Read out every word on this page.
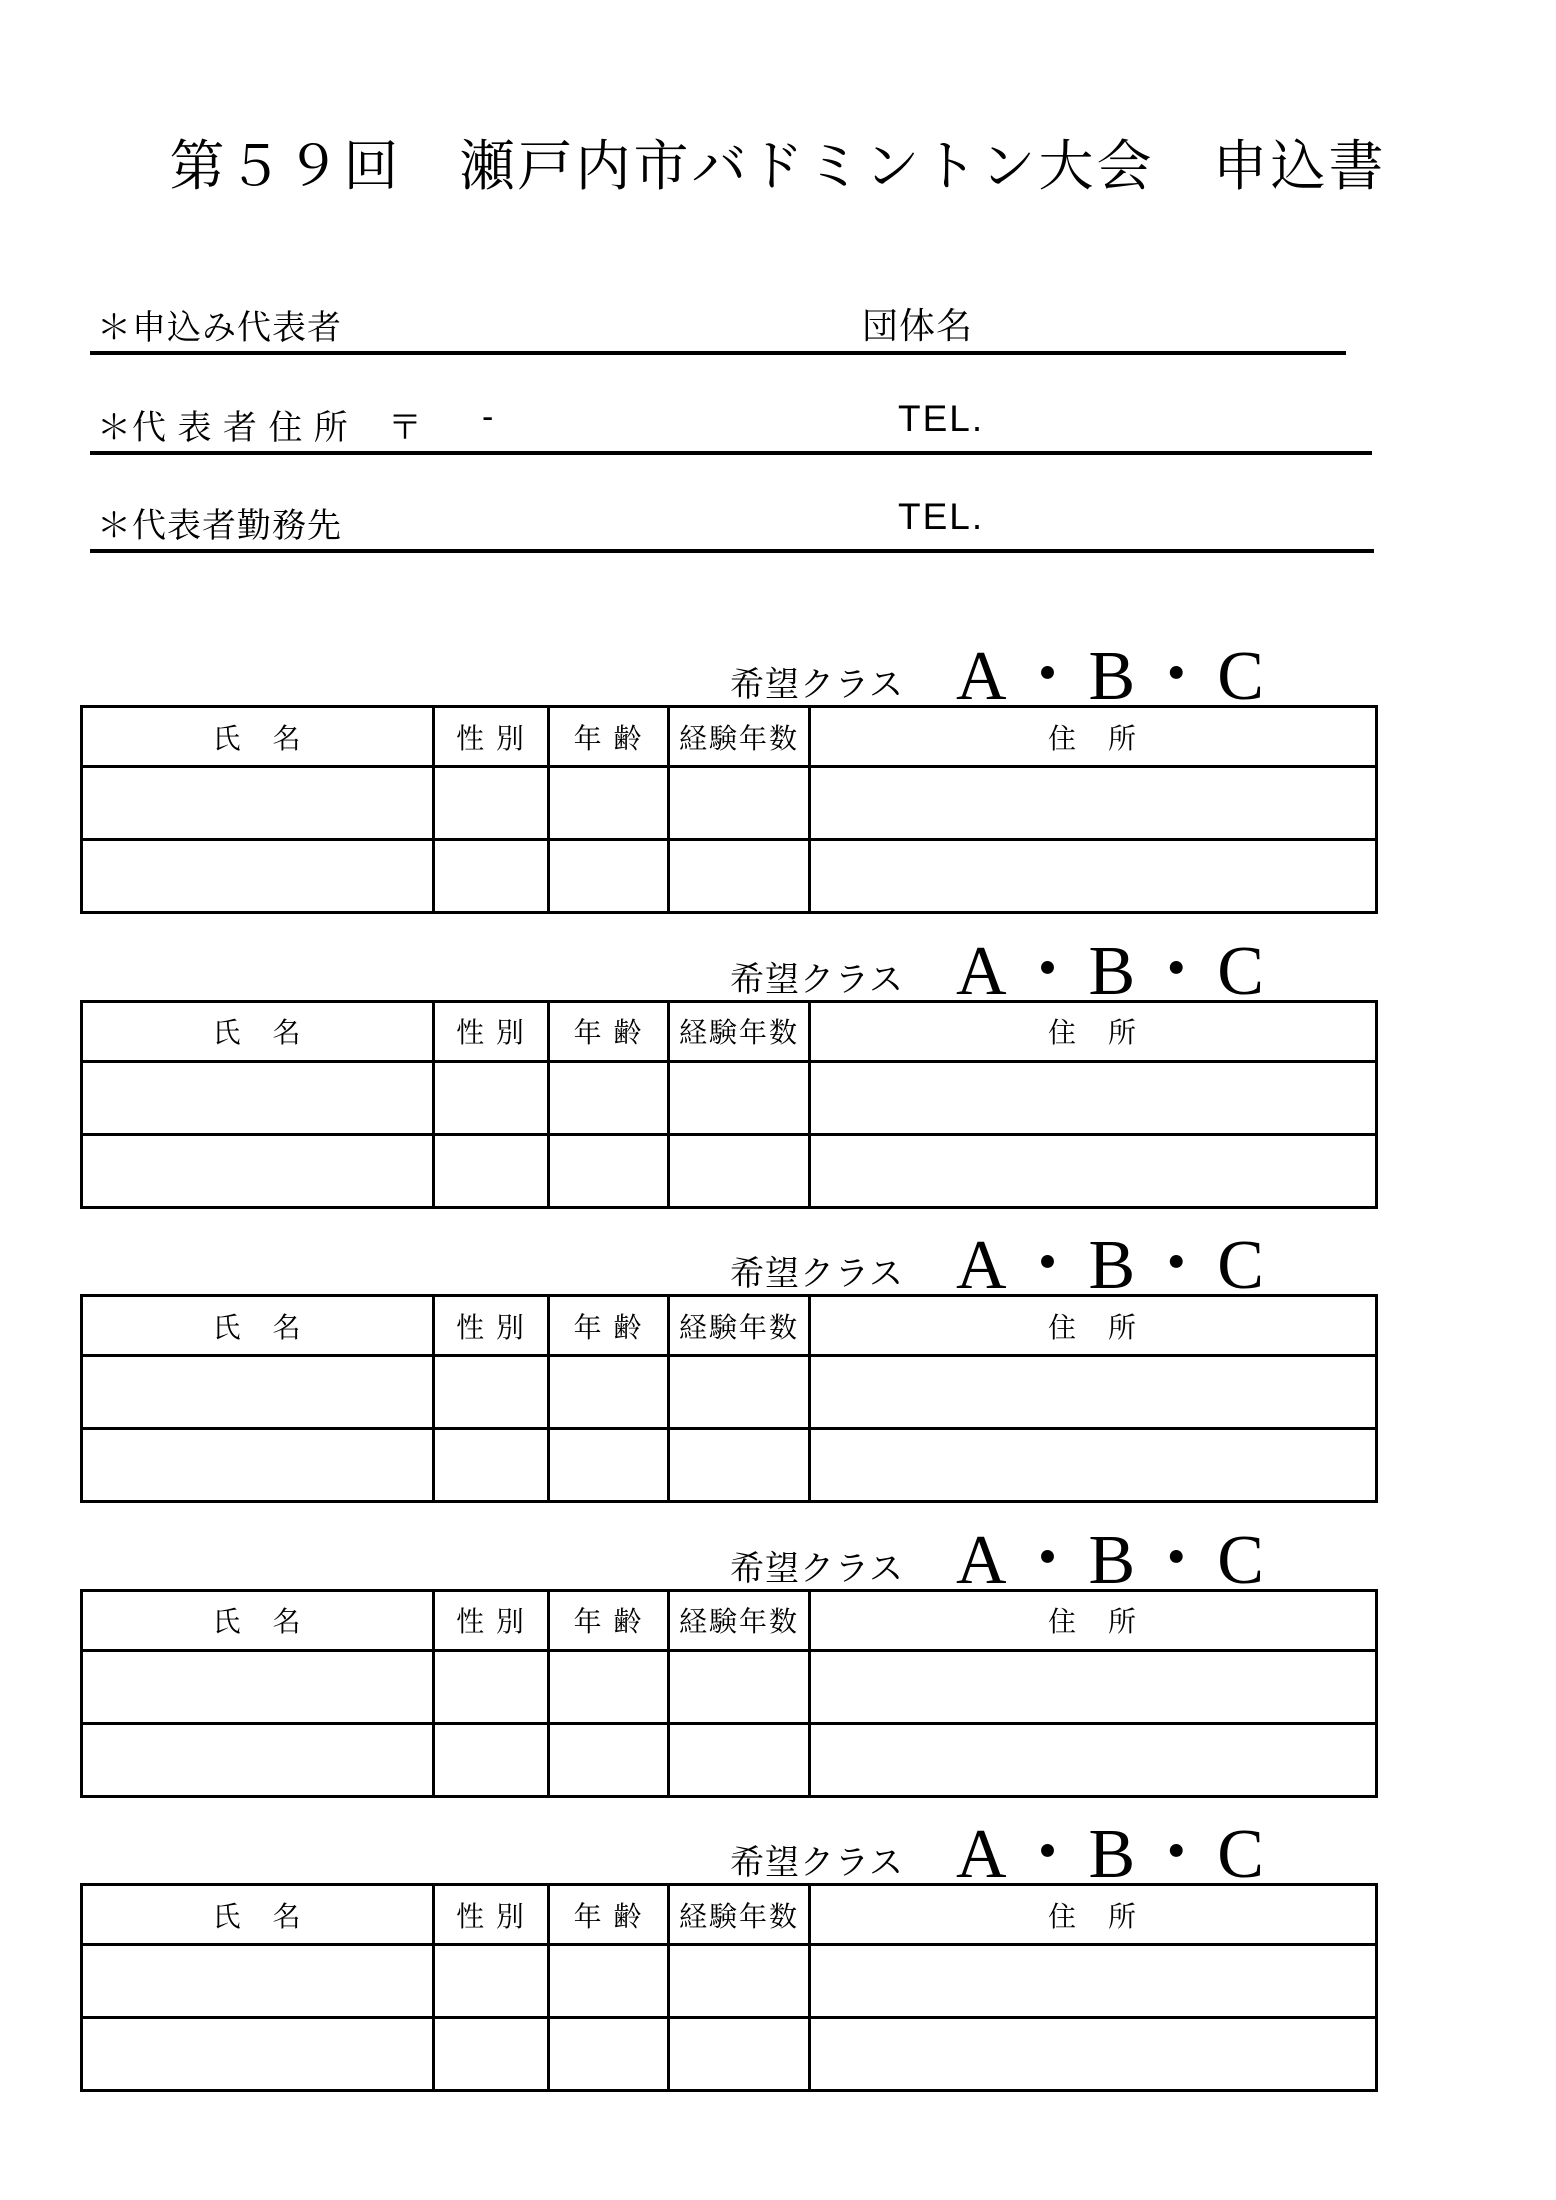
第５９回　瀬戸内市バドミントン大会　申込書
＊申込み代表者	団体名
＊代 表 者 住 所 〒 -	TEL.
＊代表者勤務先	TEL.
希望クラス A・B・C
氏　名	性 別	年 齢	経験年数	住　所

希望クラス A・B・C
氏　名	性 別	年 齢	経験年数	住　所

希望クラス A・B・C
氏　名	性 別	年 齢	経験年数	住　所

希望クラス A・B・C
氏　名	性 別	年 齢	経験年数	住　所

希望クラス A・B・C
氏　名	性 別	年 齢	経験年数	住　所
